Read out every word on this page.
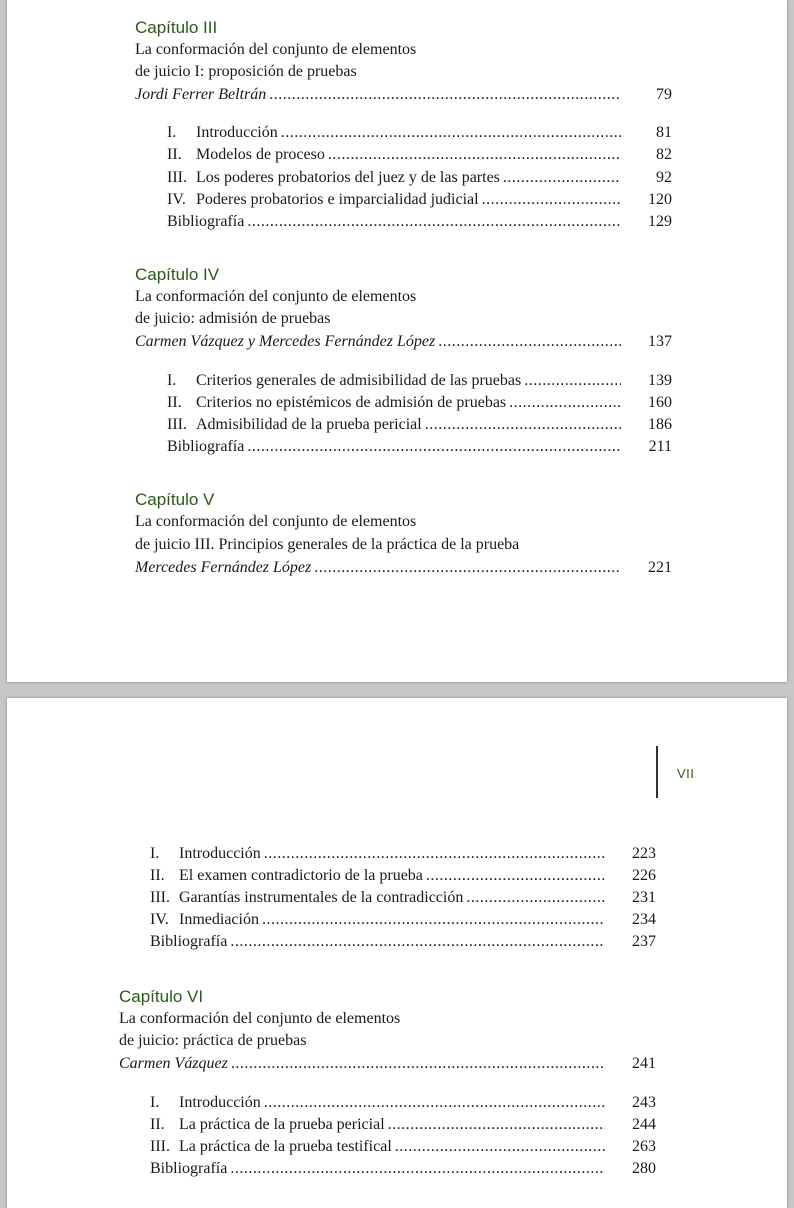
Capítulo III
La conformación del conjunto de elementos
de juicio I: proposición de pruebas
Jordi Ferrer Beltrán .....	79
I.	Introducción .....	81
II. Modelos de proceso .....	82
III. Los poderes probatorios del juez y de las partes .....	92
IV. Poderes probatorios e imparcialidad judicial .....	120
Bibliografía .....	129
Capítulo IV
La conformación del conjunto de elementos
de juicio: admisión de pruebas
Carmen Vázquez y Mercedes Fernández López .....	137
I.	Criterios generales de admisibilidad de las pruebas .....	139
II. Criterios no epistémicos de admisión de pruebas .....	160
III. Admisibilidad de la prueba pericial .....	186
Bibliografía .....	211
Capítulo V
La conformación del conjunto de elementos
de juicio III. Principios generales de la práctica de la prueba
Mercedes Fernández López .....	221
VII
I.	Introducción .....	223
II. El examen contradictorio de la prueba .....	226
III. Garantías instrumentales de la contradicción .....	231
IV. Inmediación .....	234
Bibliografía .....	237
Capítulo VI
La conformación del conjunto de elementos
de juicio: práctica de pruebas
Carmen Vázquez .....	241
I.	Introducción .....	243
II. La práctica de la prueba pericial .....	244
III. La práctica de la prueba testifical .....	263
Bibliografía .....	280
